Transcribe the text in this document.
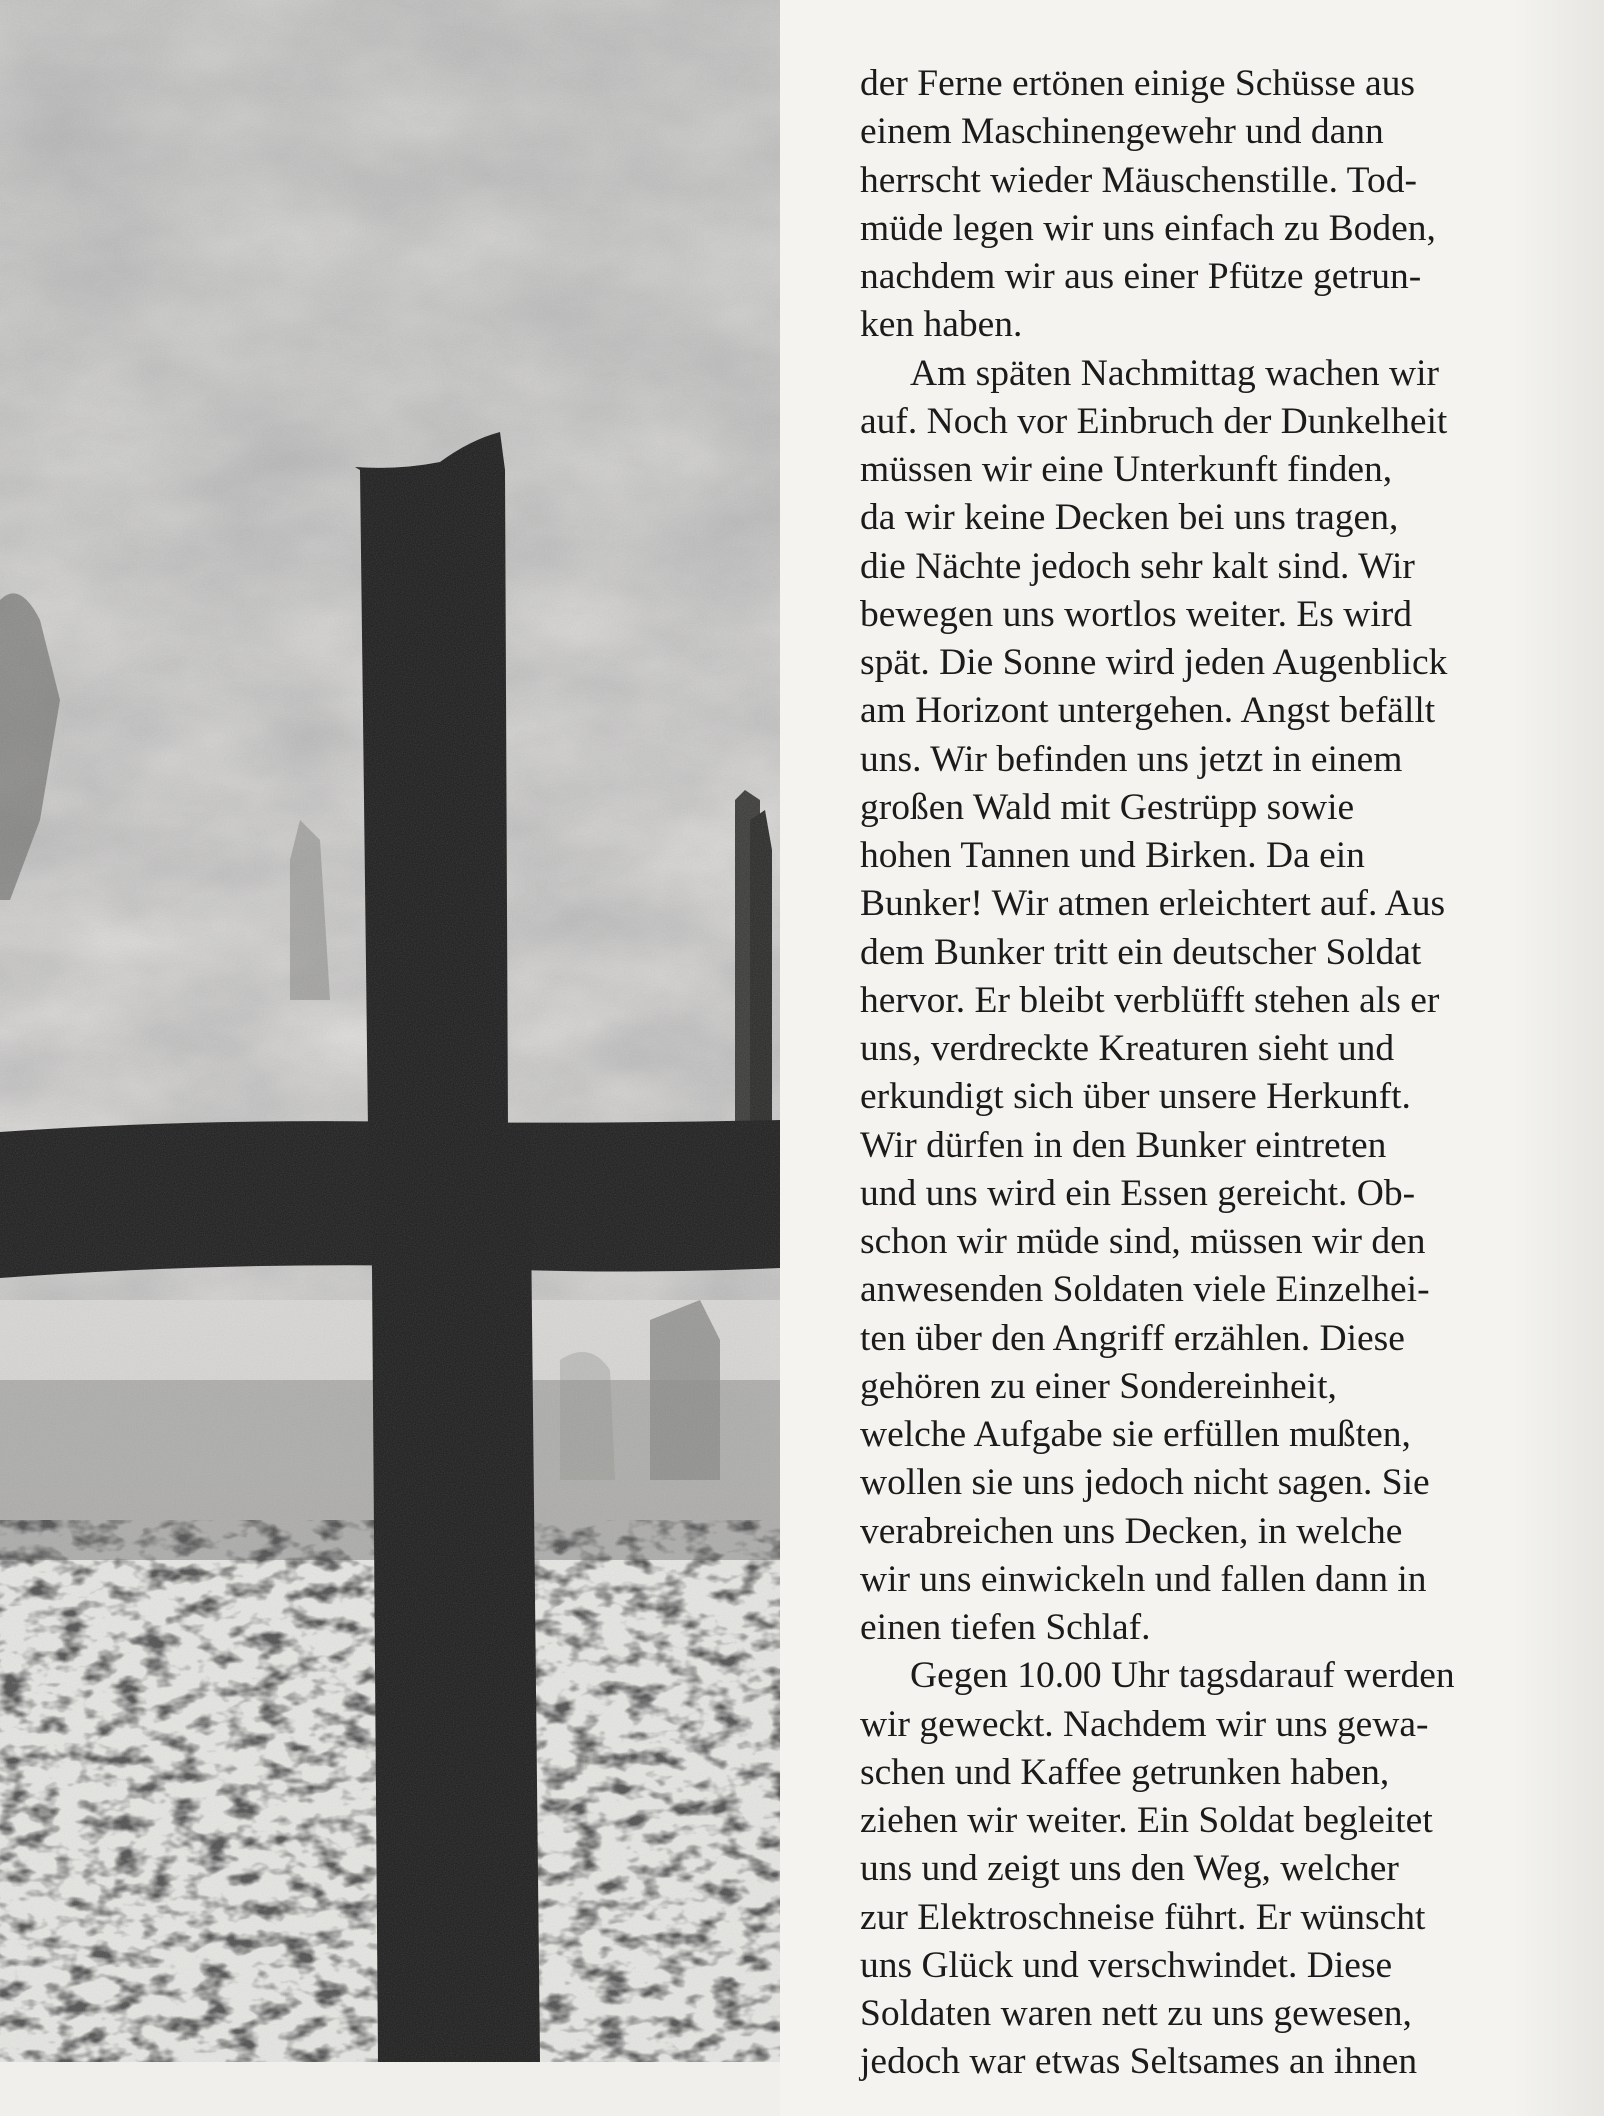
der Ferne ertönen einige Schüsse aus
einem Maschinengewehr und dann
herrscht wieder Mäuschenstille. Tod-
müde legen wir uns einfach zu Boden,
nachdem wir aus einer Pfütze getrun-
ken haben.
Am späten Nachmittag wachen wir
auf. Noch vor Einbruch der Dunkelheit
müssen wir eine Unterkunft finden,
da wir keine Decken bei uns tragen,
die Nächte jedoch sehr kalt sind. Wir
bewegen uns wortlos weiter. Es wird
spät. Die Sonne wird jeden Augenblick
am Horizont untergehen. Angst befällt
uns. Wir befinden uns jetzt in einem
großen Wald mit Gestrüpp sowie
hohen Tannen und Birken. Da ein
Bunker! Wir atmen erleichtert auf. Aus
dem Bunker tritt ein deutscher Soldat
hervor. Er bleibt verblüfft stehen als er
uns, verdreckte Kreaturen sieht und
erkundigt sich über unsere Herkunft.
Wir dürfen in den Bunker eintreten
und uns wird ein Essen gereicht. Ob-
schon wir müde sind, müssen wir den
anwesenden Soldaten viele Einzelhei-
ten über den Angriff erzählen. Diese
gehören zu einer Sondereinheit,
welche Aufgabe sie erfüllen mußten,
wollen sie uns jedoch nicht sagen. Sie
verabreichen uns Decken, in welche
wir uns einwickeln und fallen dann in
einen tiefen Schlaf.
Gegen 10.00 Uhr tagsdarauf werden
wir geweckt. Nachdem wir uns gewa-
schen und Kaffee getrunken haben,
ziehen wir weiter. Ein Soldat begleitet
uns und zeigt uns den Weg, welcher
zur Elektroschneise führt. Er wünscht
uns Glück und verschwindet. Diese
Soldaten waren nett zu uns gewesen,
jedoch war etwas Seltsames an ihnen
